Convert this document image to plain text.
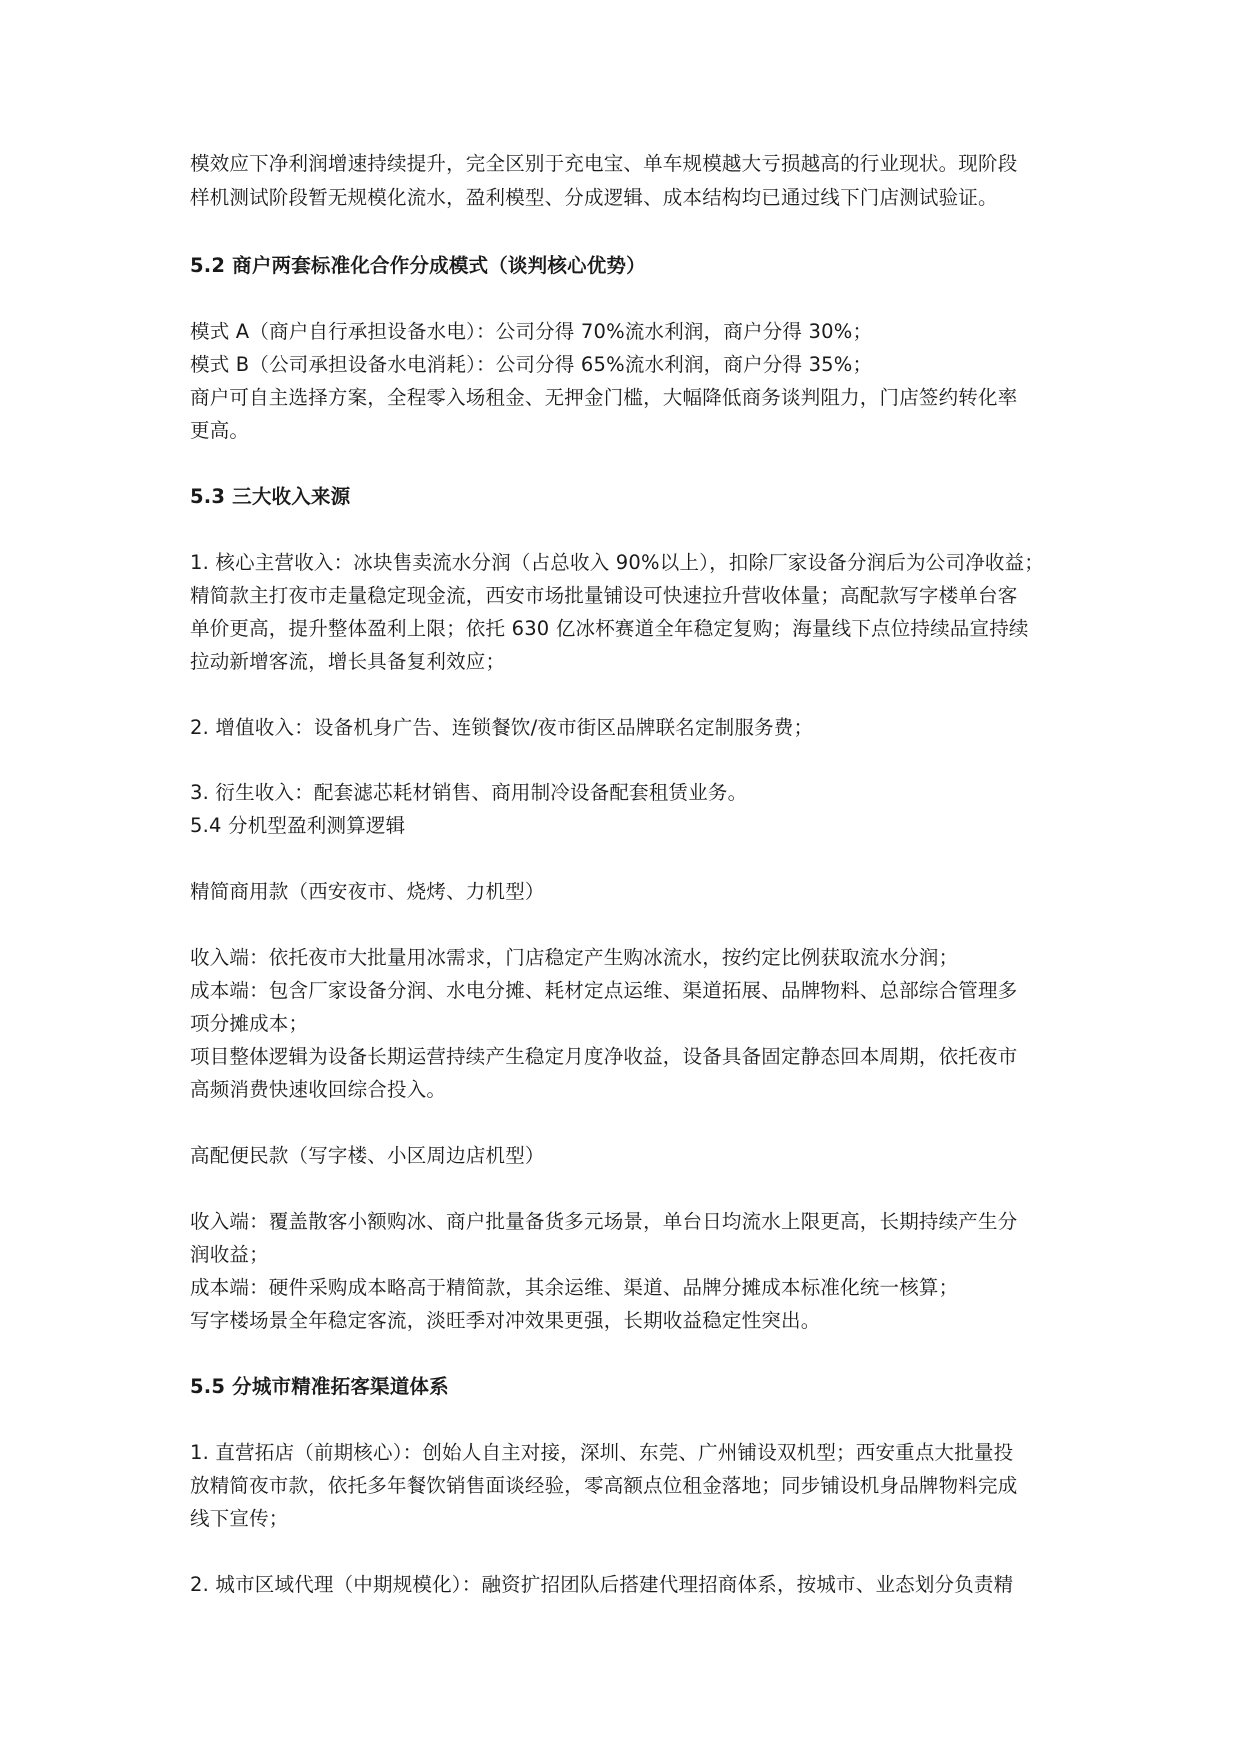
模效应下净利润增速持续提升，完全区别于充电宝、单车规模越大亏损越高的行业现状。现阶段
样机测试阶段暂无规模化流水，盈利模型、分成逻辑、成本结构均已通过线下门店测试验证。
5.2 商户两套标准化合作分成模式（谈判核心优势）
模式 A（商户自行承担设备水电）：公司分得 70%流水利润，商户分得 30%；
模式 B（公司承担设备水电消耗）：公司分得 65%流水利润，商户分得 35%；
商户可自主选择方案，全程零入场租金、无押金门槛，大幅降低商务谈判阻力，门店签约转化率
更高。
5.3 三大收入来源
1. 核心主营收入：冰块售卖流水分润（占总收入 90%以上），扣除厂家设备分润后为公司净收益；
精简款主打夜市走量稳定现金流，西安市场批量铺设可快速拉升营收体量；高配款写字楼单台客
单价更高，提升整体盈利上限；依托 630 亿冰杯赛道全年稳定复购；海量线下点位持续品宣持续
拉动新增客流，增长具备复利效应；
2. 增值收入：设备机身广告、连锁餐饮/夜市街区品牌联名定制服务费；
3. 衍生收入：配套滤芯耗材销售、商用制冷设备配套租赁业务。
5.4 分机型盈利测算逻辑
精简商用款（西安夜市、烧烤、力机型）
收入端：依托夜市大批量用冰需求，门店稳定产生购冰流水，按约定比例获取流水分润；
成本端：包含厂家设备分润、水电分摊、耗材定点运维、渠道拓展、品牌物料、总部综合管理多
项分摊成本；
项目整体逻辑为设备长期运营持续产生稳定月度净收益，设备具备固定静态回本周期，依托夜市
高频消费快速收回综合投入。
高配便民款（写字楼、小区周边店机型）
收入端：覆盖散客小额购冰、商户批量备货多元场景，单台日均流水上限更高，长期持续产生分
润收益；
成本端：硬件采购成本略高于精简款，其余运维、渠道、品牌分摊成本标准化统一核算；
写字楼场景全年稳定客流，淡旺季对冲效果更强，长期收益稳定性突出。
5.5 分城市精准拓客渠道体系
1. 直营拓店（前期核心）：创始人自主对接，深圳、东莞、广州铺设双机型；西安重点大批量投
放精简夜市款，依托多年餐饮销售面谈经验，零高额点位租金落地；同步铺设机身品牌物料完成
线下宣传；
2. 城市区域代理（中期规模化）：融资扩招团队后搭建代理招商体系，按城市、业态划分负责精
